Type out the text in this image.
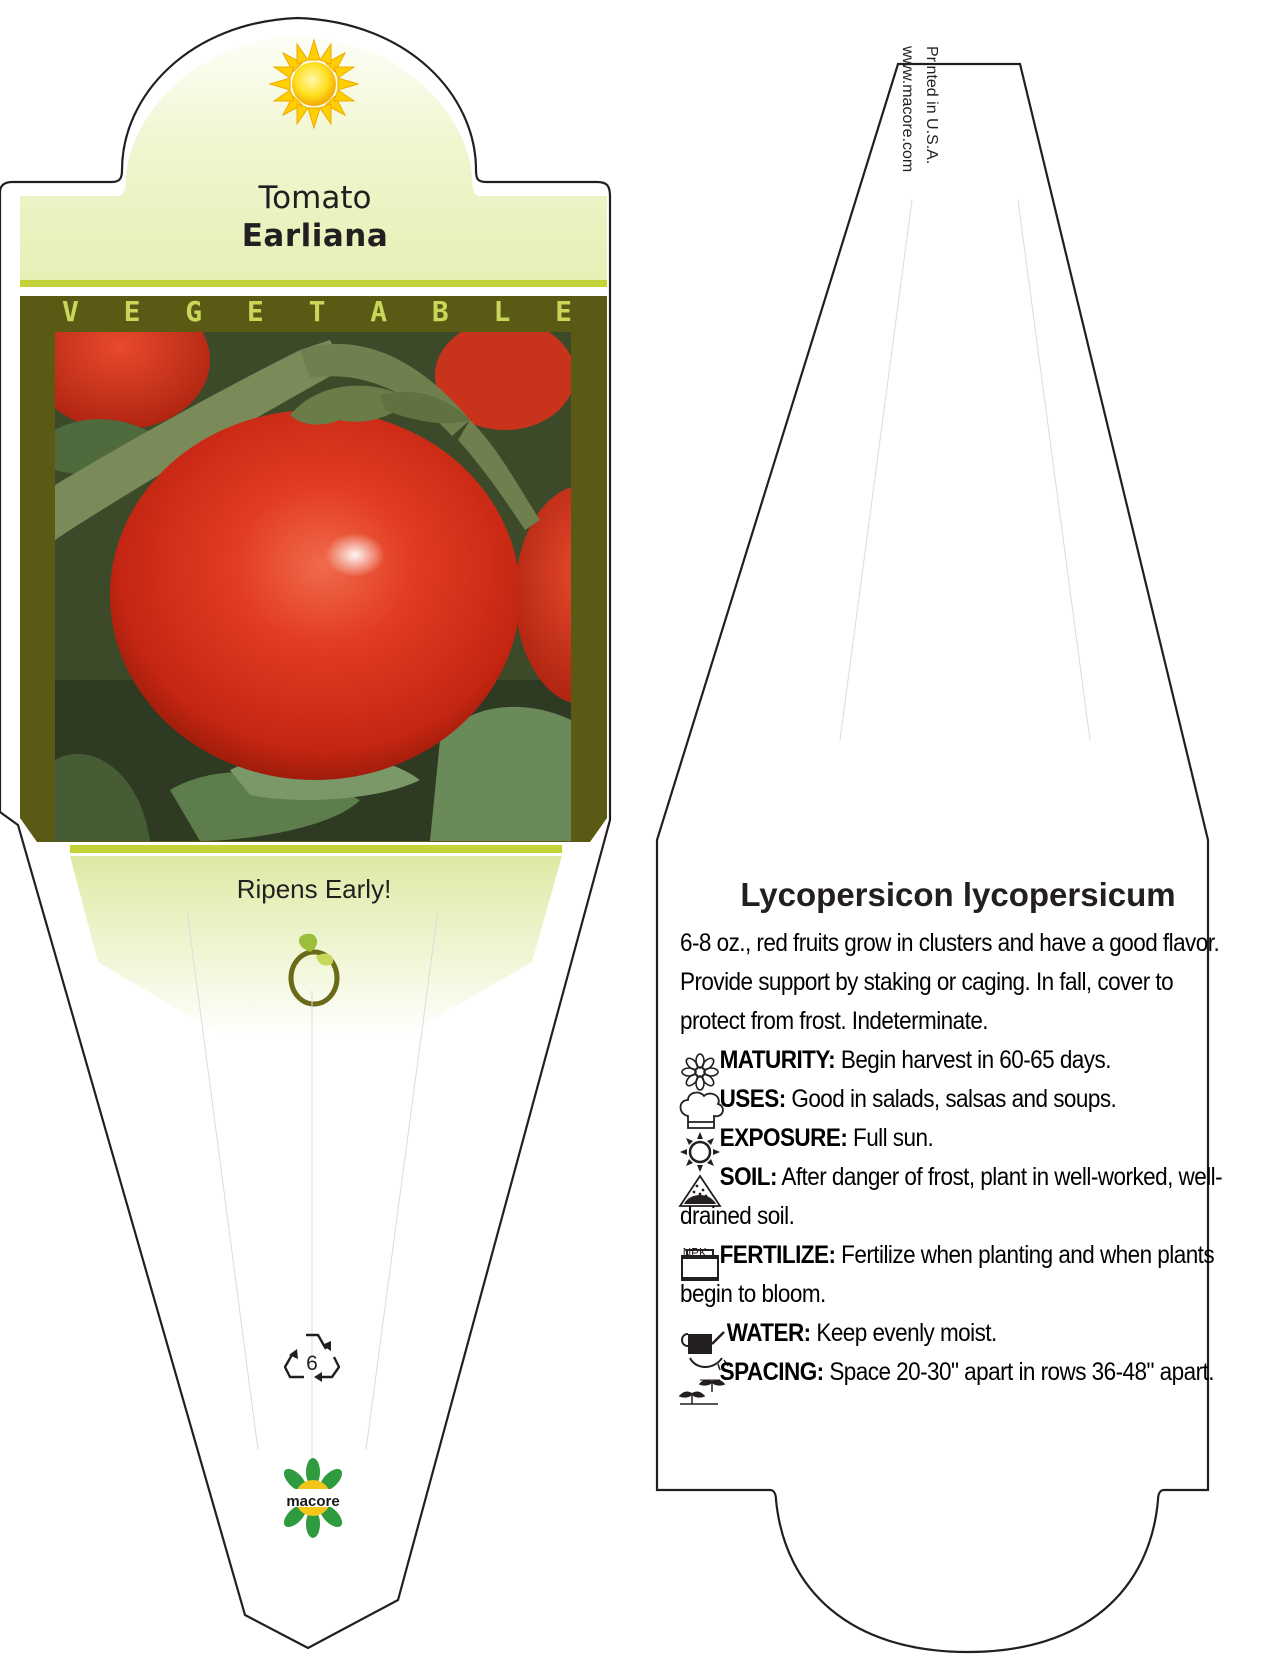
Tomato
Earliana
V E G E T A B L E
Ripens Early!
6
macore
Printed in U.S.A.
www.macore.com
Lycopersicon lycopersicum
6-8 oz., red fruits grow in clusters and have a good flavor. Provide support by staking or caging. In fall, cover to protect from frost. Indeterminate.
MATURITY: Begin harvest in 60-65 days.
USES: Good in salads, salsas and soups.
EXPOSURE: Full sun.
SOIL: After danger of frost, plant in well-worked, well-drained soil.
NPK FERTILIZE: Fertilize when planting and when plants begin to bloom.
WATER: Keep evenly moist.
SPACING: Space 20-30" apart in rows 36-48" apart.
